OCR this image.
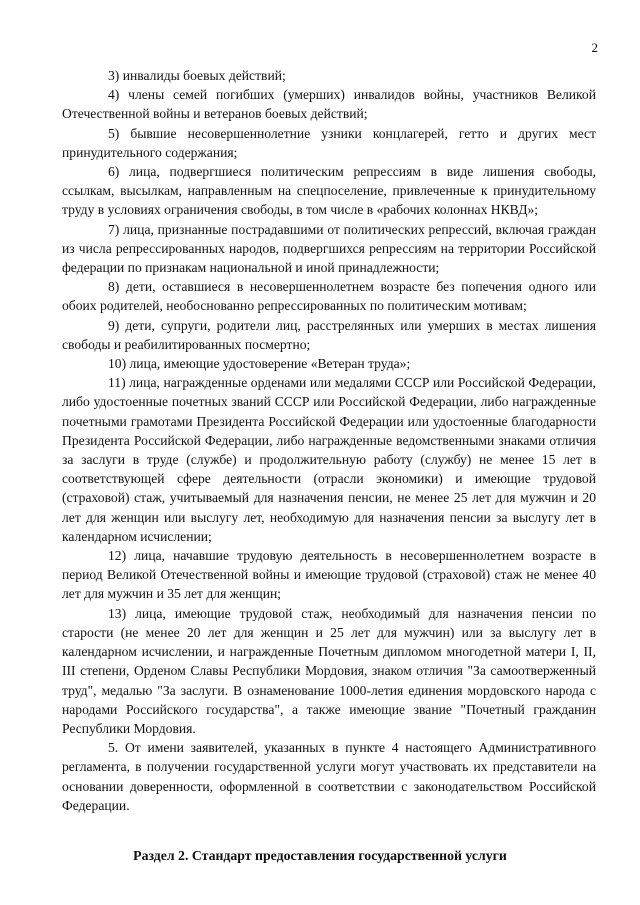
2

3) инвалиды боевых действий;

4) члены семей погибших (умерших) инвалидов войны, участников Великой Отечественной войны и ветеранов боевых действий;

5) бывшие несовершеннолетние узники концлагерей, гетто и других мест принудительного содержания;

6) лица, подвергшиеся политическим репрессиям в виде лишения свободы, ссылкам, высылкам, направленным на спецпоселение, привлеченные к принудительному труду в условиях ограничения свободы, в том числе в «рабочих колоннах НКВД»;

7) лица, признанные пострадавшими от политических репрессий, включая граждан из числа репрессированных народов, подвергшихся репрессиям на территории Российской федерации по признакам национальной и иной принадлежности;

8) дети, оставшиеся в несовершеннолетнем возрасте без попечения одного или обоих родителей, необоснованно репрессированных по политическим мотивам;

9) дети, супруги, родители лиц, расстрелянных или умерших в местах лишения свободы и реабилитированных посмертно;

10) лица, имеющие удостоверение «Ветеран труда»;

11) лица, награжденные орденами или медалями СССР или Российской Федерации, либо удостоенные почетных званий СССР или Российской Федерации, либо награжденные почетными грамотами Президента Российской Федерации или удостоенные благодарности Президента Российской Федерации, либо награжденные ведомственными знаками отличия за заслуги в труде (службе) и продолжительную работу (службу) не менее 15 лет в соответствующей сфере деятельности (отрасли экономики) и имеющие трудовой (страховой) стаж, учитываемый для назначения пенсии, не менее 25 лет для мужчин и 20 лет для женщин или выслугу лет, необходимую для назначения пенсии за выслугу лет в календарном исчислении;

12) лица, начавшие трудовую деятельность в несовершеннолетнем возрасте в период Великой Отечественной войны и имеющие трудовой (страховой) стаж не менее 40 лет для мужчин и 35 лет для женщин;

13) лица, имеющие трудовой стаж, необходимый для назначения пенсии по старости (не менее 20 лет для женщин и 25 лет для мужчин) или за выслугу лет в календарном исчислении, и награжденные Почетным дипломом многодетной матери I, II, III степени, Орденом Славы Республики Мордовия, знаком отличия "За самоотверженный труд", медалью "За заслуги. В ознаменование 1000-летия единения мордовского народа с народами Российского государства", а также имеющие звание "Почетный гражданин Республики Мордовия.

5. От имени заявителей, указанных в пункте 4 настоящего Административного регламента, в получении государственной услуги могут участвовать их представители на основании доверенности, оформленной в соответствии с законодательством Российской Федерации.

Раздел 2. Стандарт предоставления государственной услуги
